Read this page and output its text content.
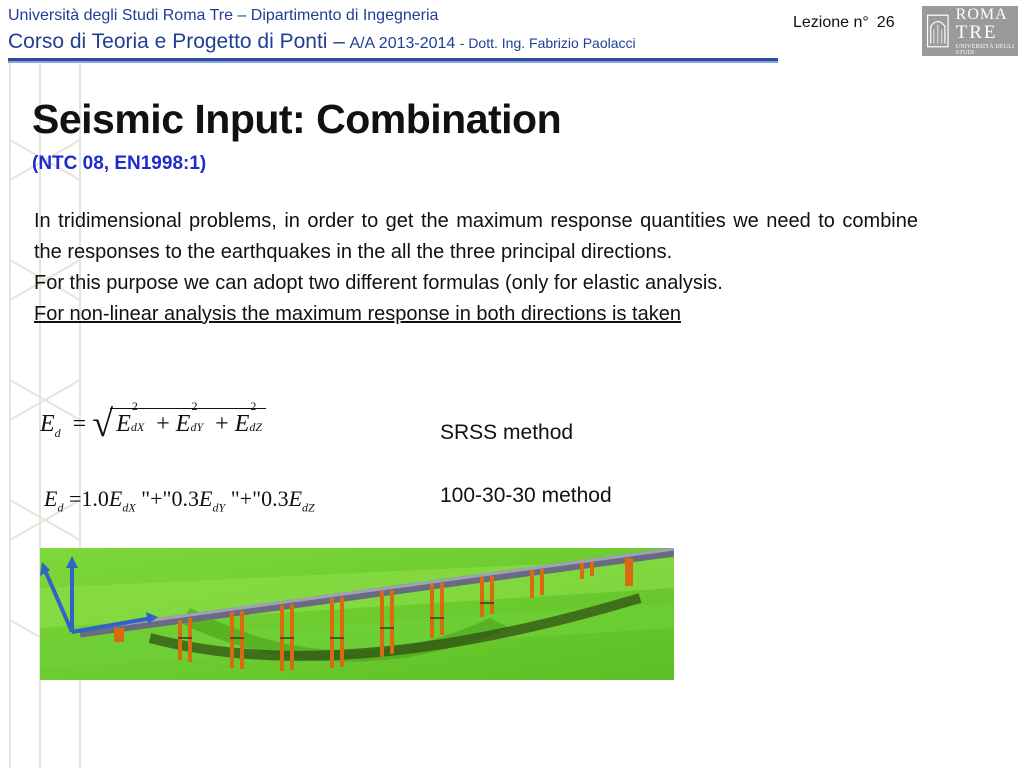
Università degli Studi Roma Tre – Dipartimento di Ingegneria
Corso di Teoria e Progetto di Ponti – A/A 2013-2014 - Dott. Ing. Fabrizio Paolacci
Lezione n° 26	ROMA
TRE
UNIVERSITÀ DEGLI STUDI
Seismic Input: Combination
(NTC 08, EN1998:1)

In tridimensional problems, in order to get the maximum response quantities we need to combine the responses to the earthquakes in the all the three principal directions.

For this purpose we can adopt two different formulas (only for elastic analysis.

For non-linear analysis the maximum response in both directions is taken

$E_d$ = √ E
2
dX + E
2
dY + E
2
dZ
$E_d =1.0E_{dX}$ "$+"0.3E_{dY}$ "$+"0.3E_{dZ}$
SRSS method
100-30-30 method
